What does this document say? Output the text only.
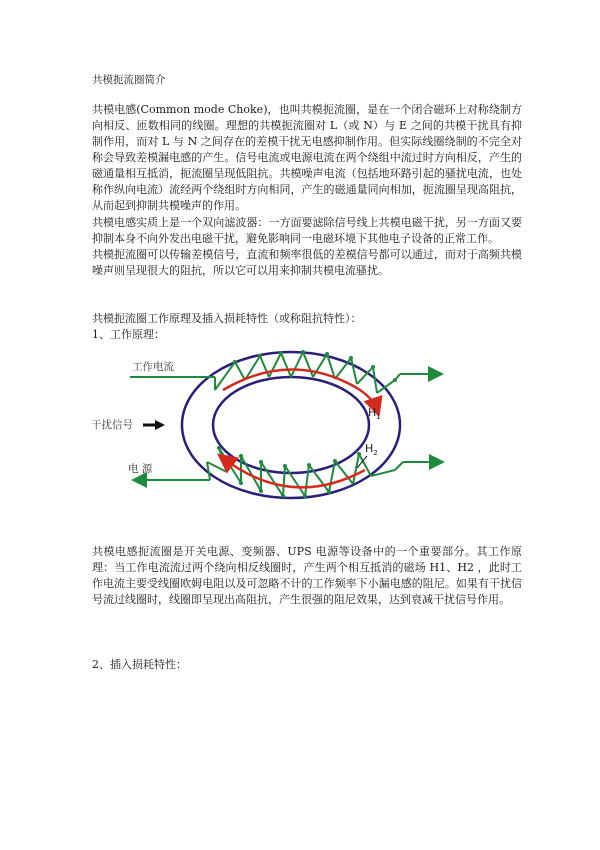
共模扼流圈简介

共模电感(Common mode Choke)，也叫共模扼流圈，是在一个闭合磁环上对称绕制方向相反、匝数相同的线圈。理想的共模扼流圈对 L（或 N）与 E 之间的共模干扰具有抑制作用，而对 L 与 N 之间存在的差模干扰无电感抑制作用。但实际线圈绕制的不完全对称会导致差模漏电感的产生。信号电流或电源电流在两个绕组中流过时方向相反，产生的磁通量相互抵消，扼流圈呈现低阻抗。共模噪声电流（包括地环路引起的骚扰电流，也处称作纵向电流）流经两个绕组时方向相同，产生的磁通量同向相加，扼流圈呈现高阻抗，从而起到抑制共模噪声的作用。

共模电感实质上是一个双向滤波器：一方面要滤除信号线上共模电磁干扰，另一方面又要抑制本身不向外发出电磁干扰，避免影响同一电磁环境下其他电子设备的正常工作。

共模扼流圈可以传输差模信号，直流和频率很低的差模信号都可以通过，而对于高频共模噪声则呈现很大的阻抗，所以它可以用来抑制共模电流骚扰。

共模扼流圈工作原理及插入损耗特性（或称阻抗特性）：
1、工作原理：

共模电感扼流圈是开关电源、变频器、UPS 电源等设备中的一个重要部分。其工作原理：当工作电流流过两个绕向相反线圈时，产生两个相互抵消的磁场 H1、H2 ，此时工作电流主要受线圈欧姆电阻以及可忽略不计的工作频率下小漏电感的阻尼。如果有干扰信号流过线圈时，线圈即呈现出高阻抗，产生很强的阻尼效果，达到衰减干扰信号作用。

2、插入损耗特性：
工作电流
干扰信号
电 源
$H_1$
$H_2$
